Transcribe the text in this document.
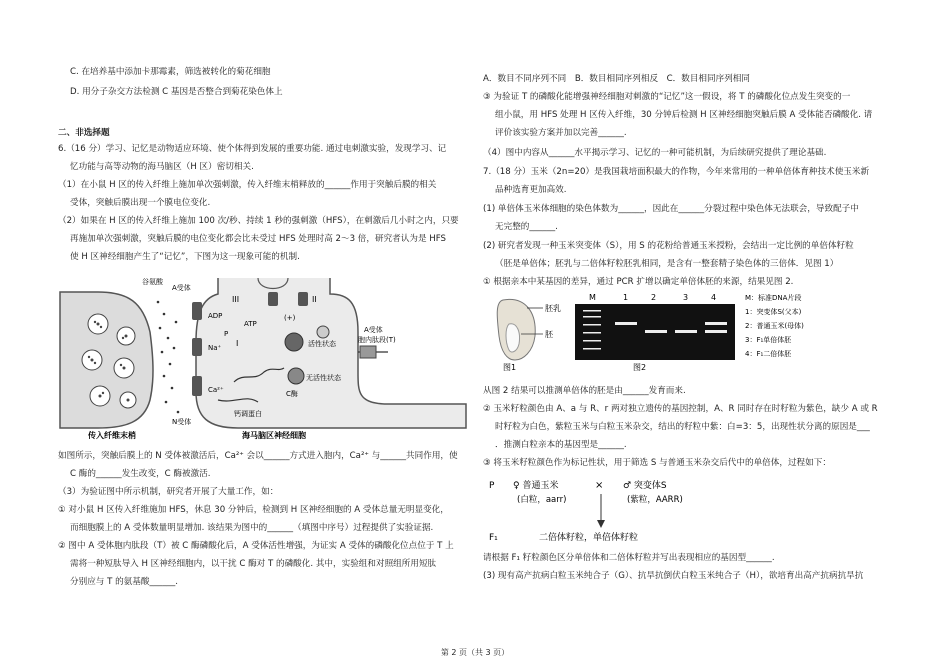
C. 在培养基中添加卡那霉素，筛选被转化的菊花细胞
D. 用分子杂交方法检测 C 基因是否整合到菊花染色体上
二、非选择题
6.（16 分）学习、记忆是动物适应环境、使个体得到发展的重要功能. 通过电刺激实验，发现学习、记
忆功能与高等动物的海马脑区（H 区）密切相关.
（1）在小鼠 H 区的传入纤维上施加单次强刺激，传入纤维末梢释放的______作用于突触后膜的相关
受体，突触后膜出现一个膜电位变化.
（2）如果在 H 区的传入纤维上施加 100 次/秒、持续 1 秒的强刺激（HFS），在刺激后几小时之内，只要
再施加单次强刺激，突触后膜的电位变化都会比未受过 HFS 处理时高 2～3 倍，研究者认为是 HFS
使 H 区神经细胞产生了“记忆”，下图为这一现象可能的机制.
谷氨酸
A受体
N受体
ADP
ATP
Na⁺
Ca²⁺
I
II
III
(+)
P
活性状态
无活性状态
C酶
钙调蛋白
A受体
胞内肽段(T)
传入纤维末梢	海马脑区神经细胞
如图所示，突触后膜上的 N 受体被激活后，Ca²⁺ 会以______方式进入胞内，Ca²⁺ 与______共同作用，使
C 酶的______发生改变，C 酶被激活.
（3）为验证图中所示机制，研究者开展了大量工作，如：
① 对小鼠 H 区传入纤维施加 HFS，休息 30 分钟后，检测到 H 区神经细胞的 A 受体总量无明显变化，
而细胞膜上的 A 受体数量明显增加. 该结果为图中的______（填图中序号）过程提供了实验证据.
② 图中 A 受体胞内肽段（T）被 C 酶磷酸化后，A 受体活性增强，为证实 A 受体的磷酸化位点位于 T 上
需将一种短肽导入 H 区神经细胞内，以干扰 C 酶对 T 的磷酸化. 其中，实验组和对照组所用短肽
分别应与 T 的氨基酸______.
A．数目不同序列不同　B．数目相同序列相反　C．数目相同序列相同
③ 为验证 T 的磷酸化能增强神经细胞对刺激的“记忆”这一假设，将 T 的磷酸化位点发生突变的一
组小鼠，用 HFS 处理 H 区传入纤维，30 分钟后检测 H 区神经细胞突触后膜 A 受体能否磷酸化. 请
评价该实验方案并加以完善______.
（4）图中内容从______水平揭示学习、记忆的一种可能机制，为后续研究提供了理论基础.
7.（18 分）玉米（2n=20）是我国栽培面积最大的作物，今年来常用的一种单倍体育种技术使玉米新
品种选育更加高效.
(1) 单倍体玉米体细胞的染色体数为______，因此在______分裂过程中染色体无法联会，导致配子中
无完整的______.
(2) 研究者发现一种玉米突变体（S），用 S 的花粉给普通玉米授粉，会结出一定比例的单倍体籽粒
（胚是单倍体；胚乳与二倍体籽粒胚乳相同，是含有一整套精子染色体的三倍体．见图 1）
① 根据亲本中某基因的差异，通过 PCR 扩增以确定单倍体胚的来源，结果见图 2.
胚乳
胚
图1
M	1	2	3	4
图2
M：标准DNA片段
1：突变体S(父本)
2：普通玉米(母体)
3：F₁单倍体胚
4：F₁二倍体胚
从图 2 结果可以推测单倍体的胚是由______发育而来.
② 玉米籽粒颜色由 A、a 与 R、r 两对独立遗传的基因控制，A、R 同时存在时籽粒为紫色，缺少 A 或 R
时籽粒为白色，紫粒玉米与白粒玉米杂交，结出的籽粒中紫：白=3：5，出现性状分离的原因是___
．推测白粒亲本的基因型是______.
③ 将玉米籽粒颜色作为标记性状，用于筛选 S 与普通玉米杂交后代中的单倍体，过程如下：
P ♀ 普通玉米
(白粒，aarr)
× ♂ 突变体S
(紫粒，AARR)
F₁	二倍体籽粒，单倍体籽粒
请根据 F₁ 籽粒颜色区分单倍体和二倍体籽粒并写出表现相应的基因型______.
(3) 现有高产抗病白粒玉米纯合子（G）、抗旱抗倒伏白粒玉米纯合子（H），欲培育出高产抗病抗旱抗
第 2 页（共 3 页）
